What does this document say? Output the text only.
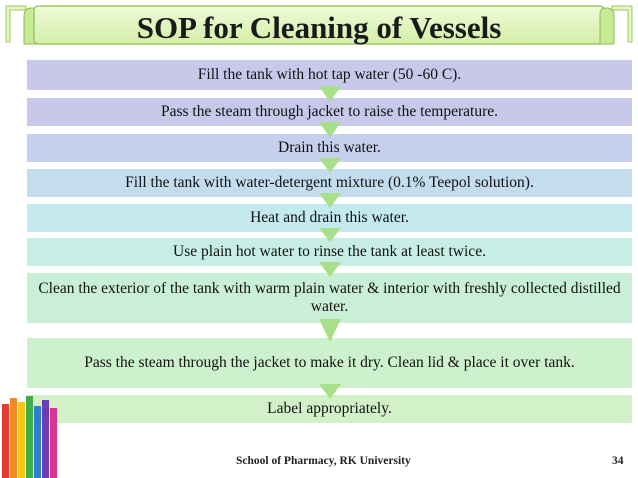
SOP for Cleaning of Vessels
Fill the tank with hot tap water (50 -60 C).
Pass the steam through jacket to raise the temperature.
Drain this water.
Fill the tank with water-detergent mixture (0.1% Teepol solution).
Heat and drain this water.
Use plain hot water to rinse the tank at least twice.
Clean the exterior of the tank with warm plain water & interior with freshly collected distilled water.
Pass the steam through the jacket to make it dry. Clean lid & place it over tank.
Label appropriately.
School of Pharmacy, RK University	34
